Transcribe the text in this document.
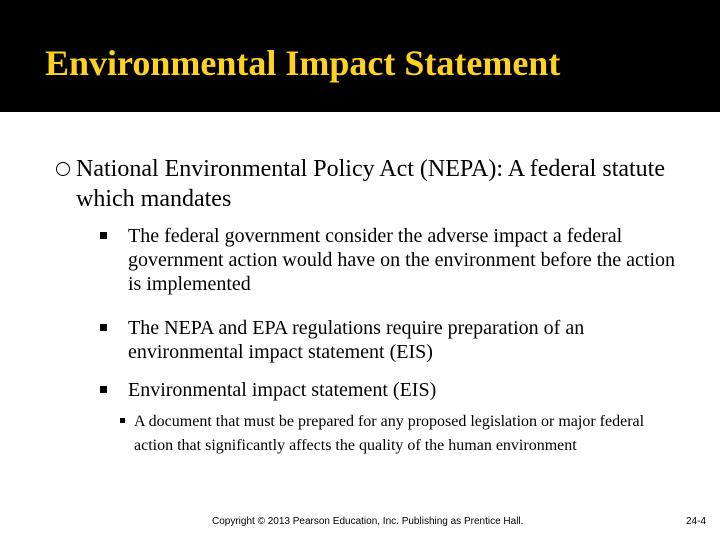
Environmental Impact Statement
National Environmental Policy Act (NEPA): A federal statute which mandates
The federal government consider the adverse impact a federal government action would have on the environment before the action is implemented
The NEPA and EPA regulations require preparation of an environmental impact statement (EIS)
Environmental impact statement (EIS)
A document that must be prepared for any proposed legislation or major federal action that significantly affects the quality of the human environment
Copyright © 2013 Pearson Education, Inc. Publishing as Prentice Hall.	24-4
